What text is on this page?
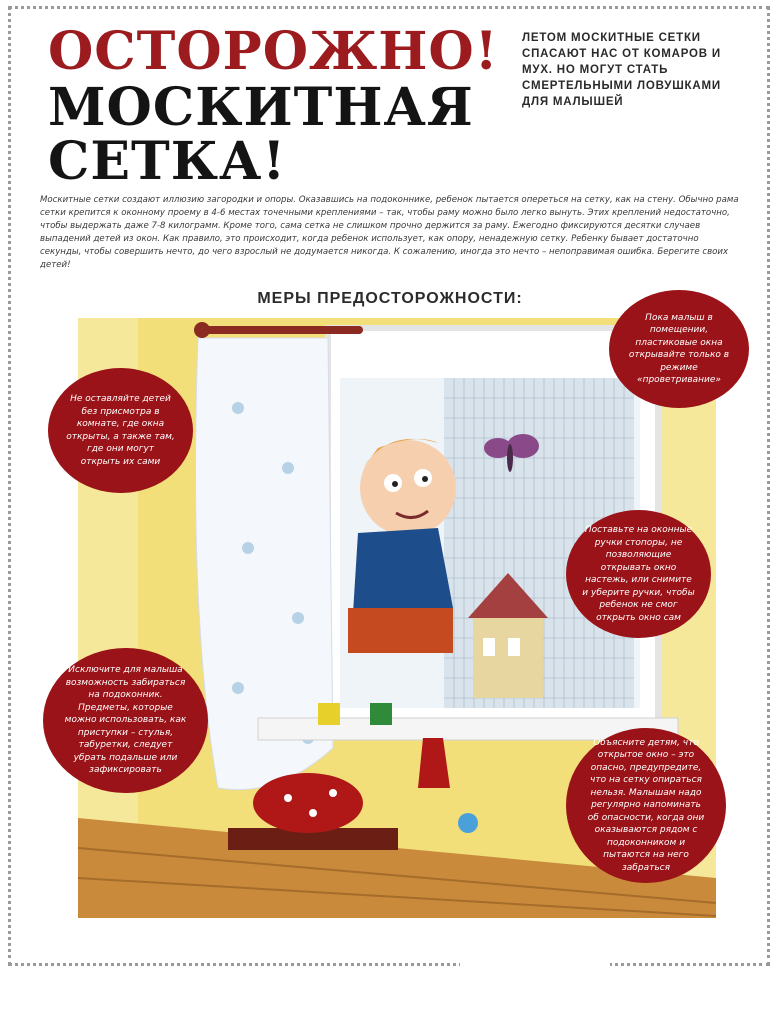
ОСТОРОЖНО!
МОСКИТНАЯ
СЕТКА!
ЛЕТОМ МОСКИТНЫЕ СЕТКИ СПАСАЮТ НАС ОТ КОМАРОВ И МУХ. НО МОГУТ СТАТЬ СМЕРТЕЛЬНЫМИ ЛОВУШКАМИ ДЛЯ МАЛЫШЕЙ

Москитные сетки создают иллюзию загородки и опоры. Оказавшись на подоконнике, ребенок пытается опереться на сетку, как на стену. Обычно рама сетки крепится к оконному проему в 4-6 местах точечными креплениями – так, чтобы раму можно было легко вынуть. Этих креплений недостаточно, чтобы выдержать даже 7-8 килограмм. Кроме того, сама сетка не слишком прочно держится за раму. Ежегодно фиксируются десятки случаев выпадений детей из окон. Как правило, это происходит, когда ребенок использует, как опору, ненадежную сетку. Ребенку бывает достаточно секунды, чтобы совершить нечто, до чего взрослый не додумается никогда. К сожалению, иногда это нечто – непоправимая ошибка. Берегите своих детей!

МЕРЫ ПРЕДОСТОРОЖНОСТИ:
Не оставляйте детей без присмотра в комнате, где окна открыты, а также там, где они могут открыть их сами
Пока малыш в помещении, пластиковые окна открывайте только в режиме «проветривание»
Поставьте на оконные ручки стопоры, не позволяющие открывать окно настежь, или снимите и уберите ручки, чтобы ребенок не смог открыть окно сам
Исключите для малыша возможность забираться на подоконник. Предметы, которые можно использовать, как приступки – стулья, табуретки, следует убрать подальше или зафиксировать
Объясните детям, что открытое окно – это опасно, предупредите, что на сетку опираться нельзя. Малышам надо регулярно напоминать об опасности, когда они оказываются рядом с подоконником и пытаются на него забраться
